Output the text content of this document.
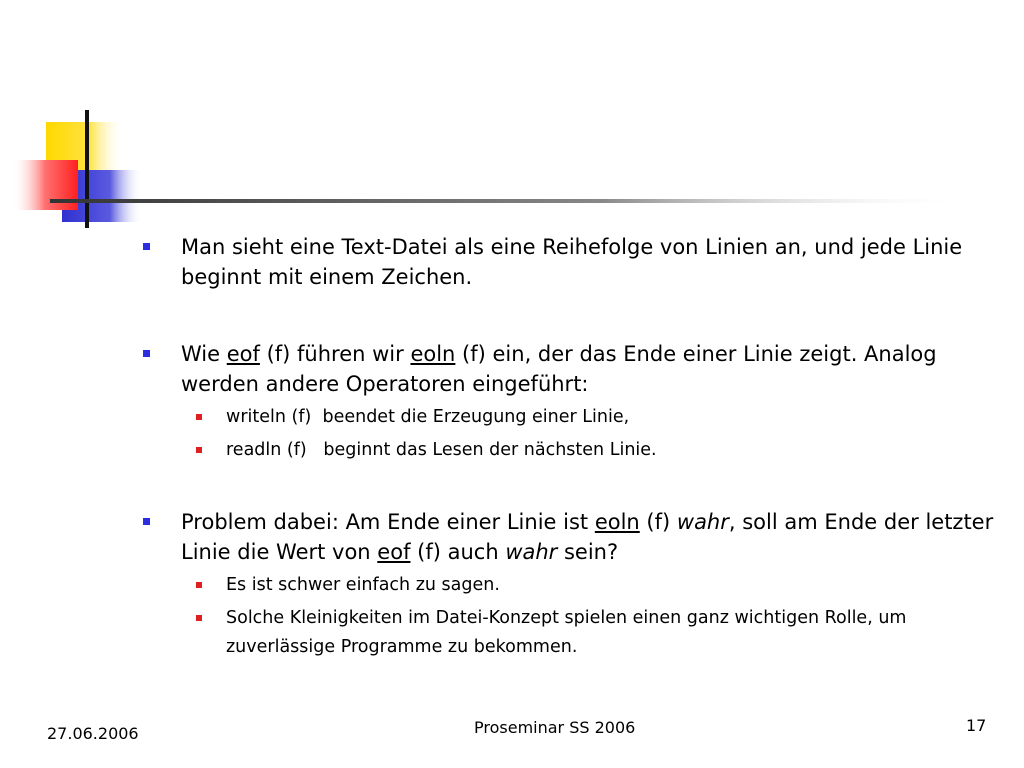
Man sieht eine Text-Datei als eine Reihefolge von Linien an, und jede Linie beginnt mit einem Zeichen.
Wie eof (f) führen wir eoln (f) ein, der das Ende einer Linie zeigt. Analog werden andere Operatoren eingeführt:
writeln (f)  beendet die Erzeugung einer Linie,
readln (f)   beginnt das Lesen der nächsten Linie.
Problem dabei: Am Ende einer Linie ist eoln (f) wahr, soll am Ende der letzter Linie die Wert von eof (f) auch wahr sein?
Es ist schwer einfach zu sagen.
Solche Kleinigkeiten im Datei-Konzept spielen einen ganz wichtigen Rolle, um zuverlässige Programme zu bekommen.
27.06.2006	Proseminar SS 2006	17
